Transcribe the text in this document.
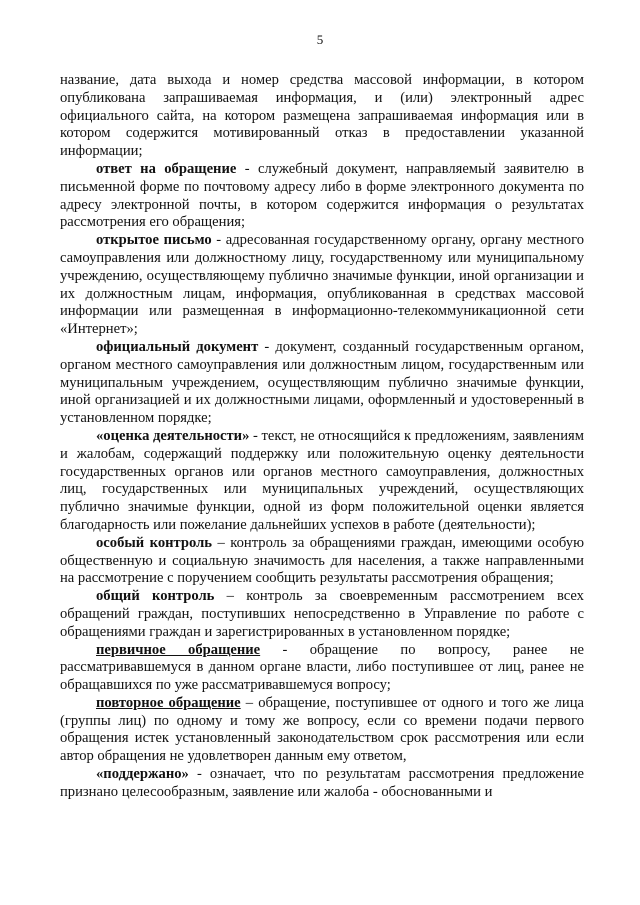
5

название, дата выхода и номер средства массовой информации, в котором опубликована запрашиваемая информация, и (или) электронный адрес официального сайта, на котором размещена запрашиваемая информация или в котором содержится мотивированный отказ в предоставлении указанной информации;

ответ на обращение - служебный документ, направляемый заявителю в письменной форме по почтовому адресу либо в форме электронного документа по адресу электронной почты, в котором содержится информация о результатах рассмотрения его обращения;

открытое письмо - адресованная государственному органу, органу местного самоуправления или должностному лицу, государственному или муниципальному учреждению, осуществляющему публично значимые функции, иной организации и их должностным лицам, информация, опубликованная в средствах массовой информации или размещенная в информационно-телекоммуникационной сети «Интернет»;

официальный документ - документ, созданный государственным органом, органом местного самоуправления или должностным лицом, государственным или муниципальным учреждением, осуществляющим публично значимые функции, иной организацией и их должностными лицами, оформленный и удостоверенный в установленном порядке;

«оценка деятельности» - текст, не относящийся к предложениям, заявлениям и жалобам, содержащий поддержку или положительную оценку деятельности государственных органов или органов местного самоуправления, должностных лиц, государственных или муниципальных учреждений, осуществляющих публично значимые функции, одной из форм положительной оценки является благодарность или пожелание дальнейших успехов в работе (деятельности);

особый контроль – контроль за обращениями граждан, имеющими особую общественную и социальную значимость для населения, а также направленными на рассмотрение с поручением сообщить результаты рассмотрения обращения;

общий контроль – контроль за своевременным рассмотрением всех обращений граждан, поступивших непосредственно в Управление по работе с обращениями граждан и зарегистрированных в установленном порядке;

первичное обращение - обращение по вопросу, ранее не рассматривавшемуся в данном органе власти, либо поступившее от лиц, ранее не обращавшихся по уже рассматривавшемуся вопросу;

повторное обращение – обращение, поступившее от одного и того же лица (группы лиц) по одному и тому же вопросу, если со времени подачи первого обращения истек установленный законодательством срок рассмотрения или если автор обращения не удовлетворен данным ему ответом,

«поддержано» - означает, что по результатам рассмотрения предложение признано целесообразным, заявление или жалоба - обоснованными и
